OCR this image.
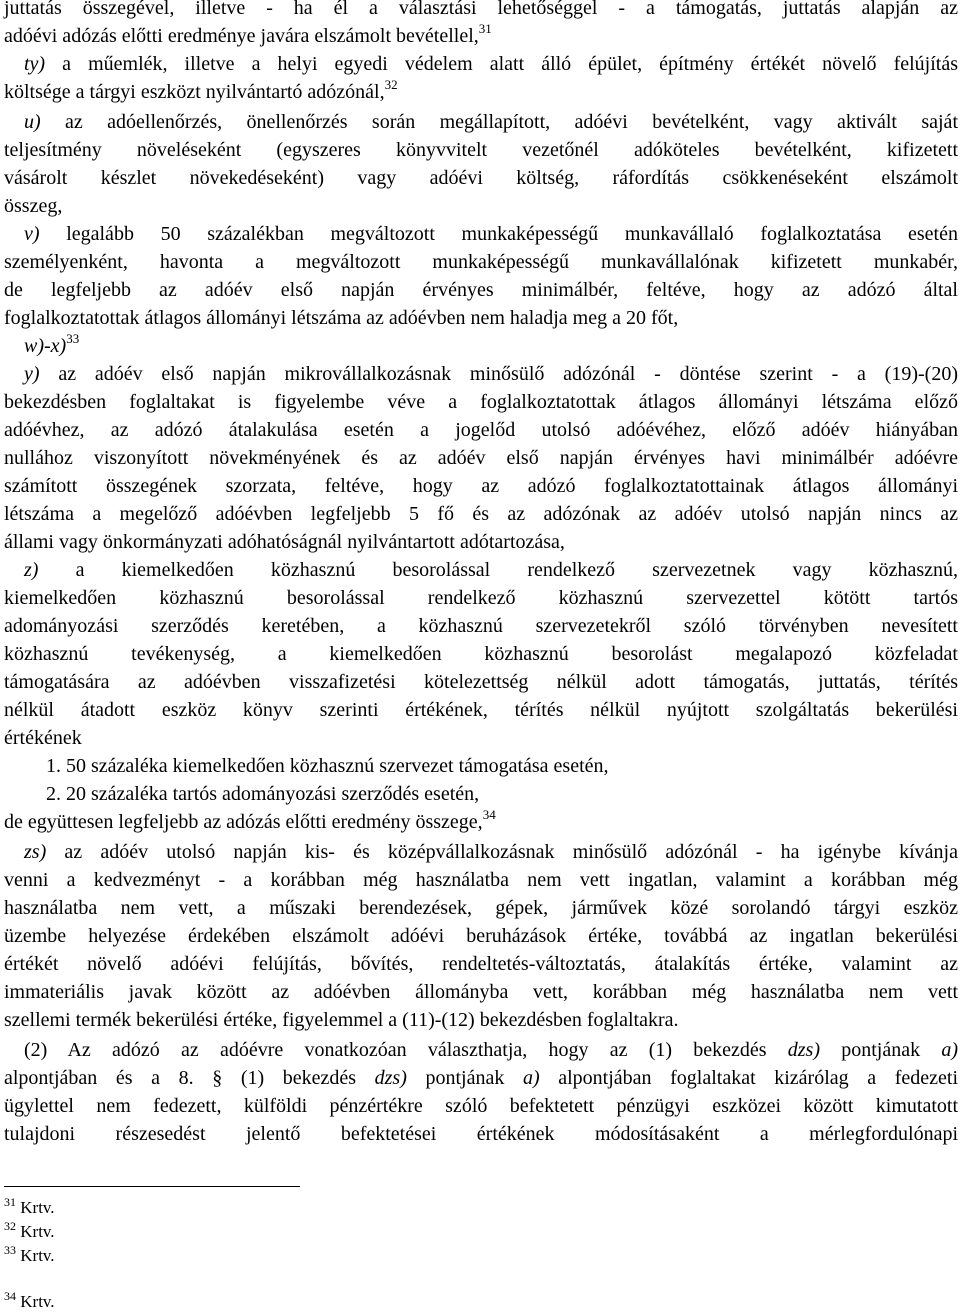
juttatás összegével, illetve - ha él a választási lehetőséggel - a támogatás, juttatás alapján az
adóévi adózás előtti eredménye javára elszámolt bevétellel,$^{31}$
ty) a műemlék, illetve a helyi egyedi védelem alatt álló épület, építmény értékét növelő felújítás
költsége a tárgyi eszközt nyilvántartó adózónál,$^{32}$
u) az adóellenőrzés, önellenőrzés során megállapított, adóévi bevételként, vagy aktivált saját
teljesítmény növeléseként (egyszeres könyvvitelt vezetőnél adóköteles bevételként, kifizetett
vásárolt készlet növekedéseként) vagy adóévi költség, ráfordítás csökkenéseként elszámolt
összeg,
v) legalább 50 százalékban megváltozott munkaképességű munkavállaló foglalkoztatása esetén
személyenként, havonta a megváltozott munkaképességű munkavállalónak kifizetett munkabér,
de legfeljebb az adóév első napján érvényes minimálbér, feltéve, hogy az adózó által
foglalkoztatottak átlagos állományi létszáma az adóévben nem haladja meg a 20 főt,
w)-x)$^{33}$
y) az adóév első napján mikrovállalkozásnak minősülő adózónál - döntése szerint - a (19)-(20)
bekezdésben foglaltakat is figyelembe véve a foglalkoztatottak átlagos állományi létszáma előző
adóévhez, az adózó átalakulása esetén a jogelőd utolsó adóévéhez, előző adóév hiányában
nullához viszonyított növekményének és az adóév első napján érvényes havi minimálbér adóévre
számított összegének szorzata, feltéve, hogy az adózó foglalkoztatottainak átlagos állományi
létszáma a megelőző adóévben legfeljebb 5 fő és az adózónak az adóév utolsó napján nincs az
állami vagy önkormányzati adóhatóságnál nyilvántartott adótartozása,
z) a kiemelkedően közhasznú besorolással rendelkező szervezetnek vagy közhasznú,
kiemelkedően közhasznú besorolással rendelkező közhasznú szervezettel kötött tartós
adományozási szerződés keretében, a közhasznú szervezetekről szóló törvényben nevesített
közhasznú tevékenység, a kiemelkedően közhasznú besorolást megalapozó közfeladat
támogatására az adóévben visszafizetési kötelezettség nélkül adott támogatás, juttatás, térítés
nélkül átadott eszköz könyv szerinti értékének, térítés nélkül nyújtott szolgáltatás bekerülési
értékének
1. 50 százaléka kiemelkedően közhasznú szervezet támogatása esetén,
2. 20 százaléka tartós adományozási szerződés esetén,
de együttesen legfeljebb az adózás előtti eredmény összege,$^{34}$
zs) az adóév utolsó napján kis- és középvállalkozásnak minősülő adózónál - ha igénybe kívánja
venni a kedvezményt - a korábban még használatba nem vett ingatlan, valamint a korábban még
használatba nem vett, a műszaki berendezések, gépek, járművek közé sorolandó tárgyi eszköz
üzembe helyezése érdekében elszámolt adóévi beruházások értéke, továbbá az ingatlan bekerülési
értékét növelő adóévi felújítás, bővítés, rendeltetés-változtatás, átalakítás értéke, valamint az
immateriális javak között az adóévben állományba vett, korábban még használatba nem vett
szellemi termék bekerülési értéke, figyelemmel a (11)-(12) bekezdésben foglaltakra.
(2) Az adózó az adóévre vonatkozóan választhatja, hogy az (1) bekezdés dzs) pontjának a)
alpontjában és a 8. § (1) bekezdés dzs) pontjának a) alpontjában foglaltakat kizárólag a fedezeti
ügylettel nem fedezett, külföldi pénzértékre szóló befektetett pénzügyi eszközei között kimutatott
tulajdoni részesedést jelentő befektetései értékének módosításaként a mérlegfordulónapi
$^{31}$ Krtv.
$^{32}$ Krtv.
$^{33}$ Krtv.
$^{34}$ Krtv.
